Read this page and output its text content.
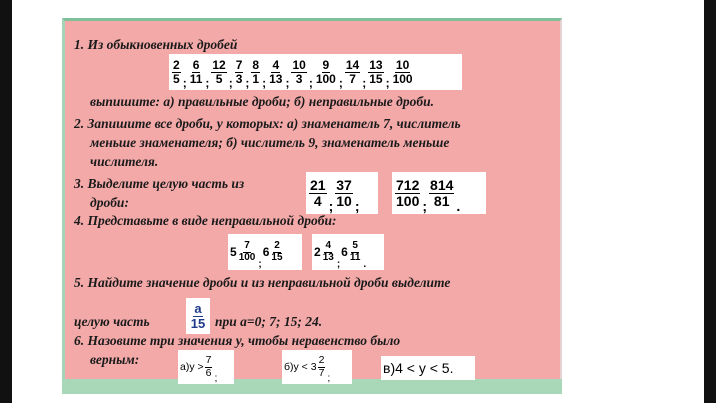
1. Из обыкновенных дробей
$\frac{2}{5}$ ; $\frac{6}{11}$ ; $\frac{12}{5}$ ; $\frac{7}{3}$ ; $\frac{8}{1}$ ; $\frac{4}{13}$ ; $\frac{10}{3}$ ; $\frac{9}{100}$ ; $\frac{14}{7}$ ; $\frac{13}{15}$ ; $\frac{10}{100}$
выпишите: а) правильные дроби; б) неправильные дроби.
2. Запишите все дроби, у которых: а) знаменатель 7, числитель
меньше знаменателя; б) числитель 9, знаменатель меньше
числителя.
3. Выделите целую часть из
дроби:	$\frac{21}{4}$ ; $\frac{37}{10}$ ;	$\frac{712}{100}$ ; $\frac{814}{81}$ .
4. Представьте в виде неправильной дроби:
$5 \frac{7}{100}$
;
$6 \frac{2}{15}$	$2 \frac{4}{13}$
;
$6 \frac{5}{11}$
.
5. Найдите значение дроби и из неправильной дроби выделите
целую часть	$\frac{a}{15}$ при a=0; 7; 15; 24.
6. Назовите три значения y, чтобы неравенство было
верным:	$а)y > \frac{7}{6}$ ;
$б)y < 3 \frac{2}{7}$ ;
в)4 < y < 5.
